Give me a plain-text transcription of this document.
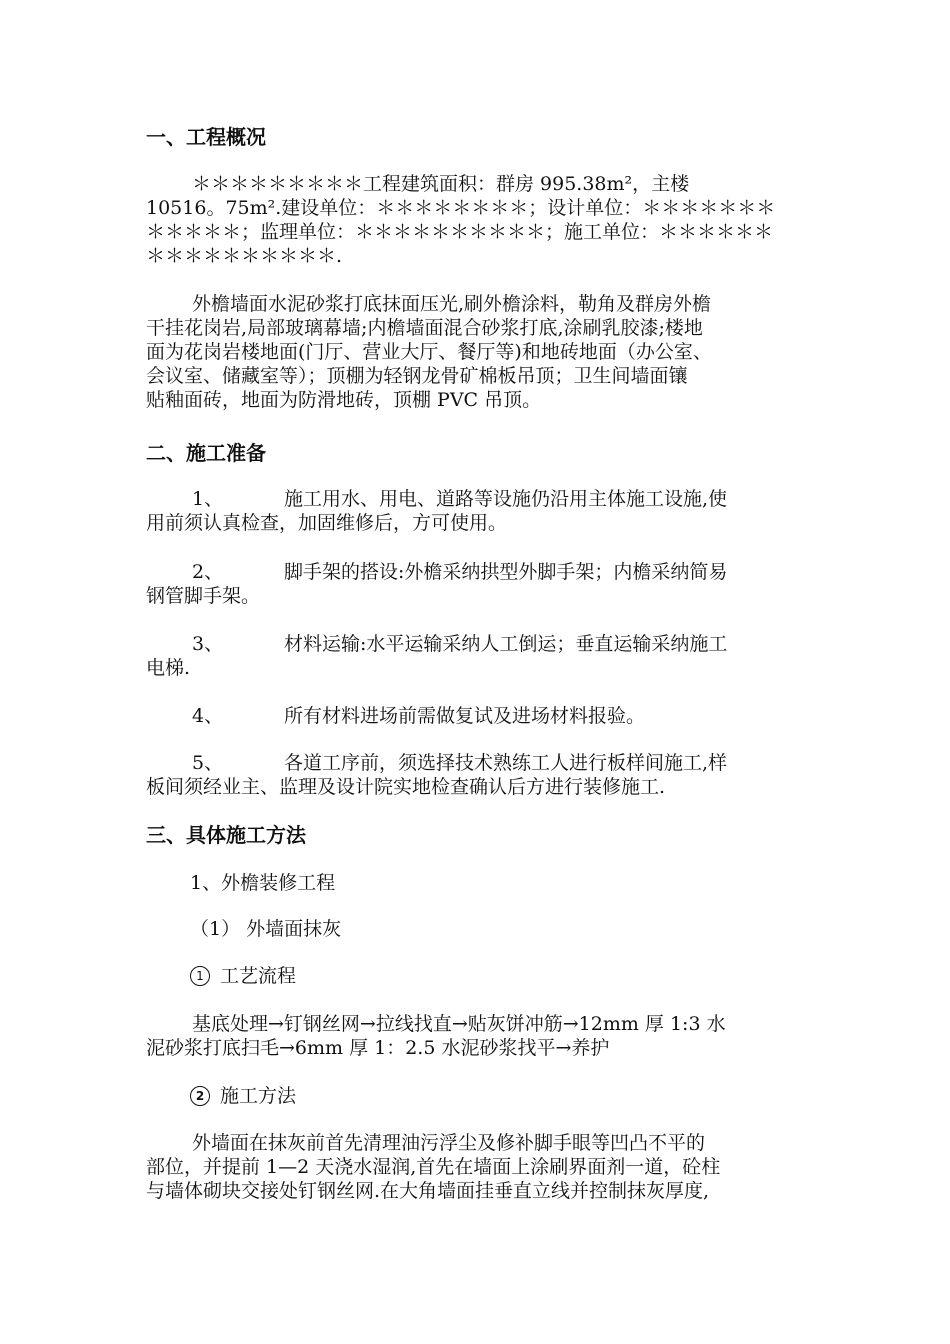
一、工程概况
＊＊＊＊＊＊＊＊＊工程建筑面积：群房 995.38m²，主楼
10516。75m².建设单位：＊＊＊＊＊＊＊＊；设计单位：＊＊＊＊＊＊＊
＊＊＊＊＊；监理单位：＊＊＊＊＊＊＊＊＊＊；施工单位：＊＊＊＊＊＊
＊＊＊＊＊＊＊＊＊＊.
外檐墙面水泥砂浆打底抹面压光,刷外檐涂料，勒角及群房外檐
干挂花岗岩,局部玻璃幕墙;内檐墙面混合砂浆打底,涂刷乳胶漆;楼地
面为花岗岩楼地面(门厅、营业大厅、餐厅等)和地砖地面（办公室、
会议室、储藏室等）；顶棚为轻钢龙骨矿棉板吊顶；卫生间墙面镶
贴釉面砖，地面为防滑地砖，顶棚 PVC 吊顶。
二、施工准备
1、	施工用水、用电、道路等设施仍沿用主体施工设施,使
用前须认真检查，加固维修后，方可使用。
2、	脚手架的搭设:外檐采纳拱型外脚手架；内檐采纳简易
钢管脚手架。
3、	材料运输:水平运输采纳人工倒运；垂直运输采纳施工
电梯.
4、	所有材料进场前需做复试及进场材料报验。
5、	各道工序前，须选择技术熟练工人进行板样间施工,样
板间须经业主、监理及设计院实地检查确认后方进行装修施工.
三、具体施工方法
1、外檐装修工程
（1） 外墙面抹灰
1 工艺流程
基底处理→钉钢丝网→拉线找直→贴灰饼冲筋→12mm 厚 1:3 水
泥砂浆打底扫毛→6mm 厚 1：2.5 水泥砂浆找平→养护
2 施工方法
外墙面在抹灰前首先清理油污浮尘及修补脚手眼等凹凸不平的
部位，并提前 1—2 天浇水湿润,首先在墙面上涂刷界面剂一道，砼柱
与墙体砌块交接处钉钢丝网.在大角墙面挂垂直立线并控制抹灰厚度,
